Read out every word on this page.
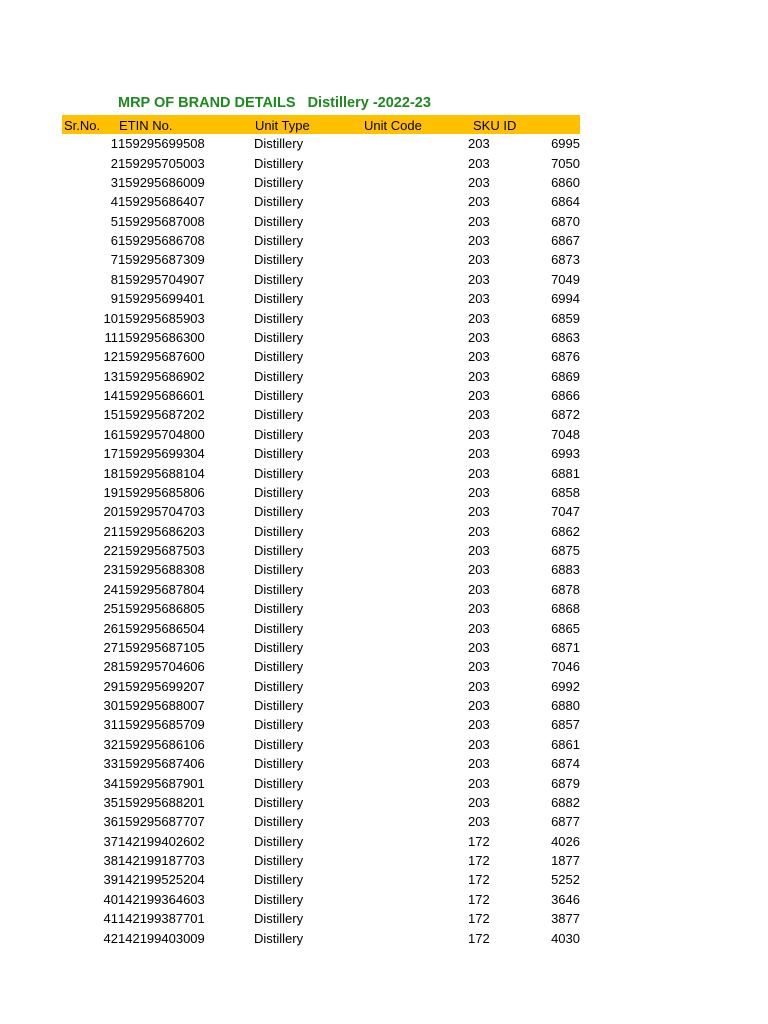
MRP OF BRAND DETAILS   Distillery -2022-23
Sr.No. ETIN No.	Unit Type	Unit Code	SKU ID
1	159295699508	Distillery	203	6995
2	159295705003	Distillery	203	7050
3	159295686009	Distillery	203	6860
4	159295686407	Distillery	203	6864
5	159295687008	Distillery	203	6870
6	159295686708	Distillery	203	6867
7	159295687309	Distillery	203	6873
8	159295704907	Distillery	203	7049
9	159295699401	Distillery	203	6994
10	159295685903	Distillery	203	6859
11	159295686300	Distillery	203	6863
12	159295687600	Distillery	203	6876
13	159295686902	Distillery	203	6869
14	159295686601	Distillery	203	6866
15	159295687202	Distillery	203	6872
16	159295704800	Distillery	203	7048
17	159295699304	Distillery	203	6993
18	159295688104	Distillery	203	6881
19	159295685806	Distillery	203	6858
20	159295704703	Distillery	203	7047
21	159295686203	Distillery	203	6862
22	159295687503	Distillery	203	6875
23	159295688308	Distillery	203	6883
24	159295687804	Distillery	203	6878
25	159295686805	Distillery	203	6868
26	159295686504	Distillery	203	6865
27	159295687105	Distillery	203	6871
28	159295704606	Distillery	203	7046
29	159295699207	Distillery	203	6992
30	159295688007	Distillery	203	6880
31	159295685709	Distillery	203	6857
32	159295686106	Distillery	203	6861
33	159295687406	Distillery	203	6874
34	159295687901	Distillery	203	6879
35	159295688201	Distillery	203	6882
36	159295687707	Distillery	203	6877
37	142199402602	Distillery	172	4026
38	142199187703	Distillery	172	1877
39	142199525204	Distillery	172	5252
40	142199364603	Distillery	172	3646
41	142199387701	Distillery	172	3877
42	142199403009	Distillery	172	4030
